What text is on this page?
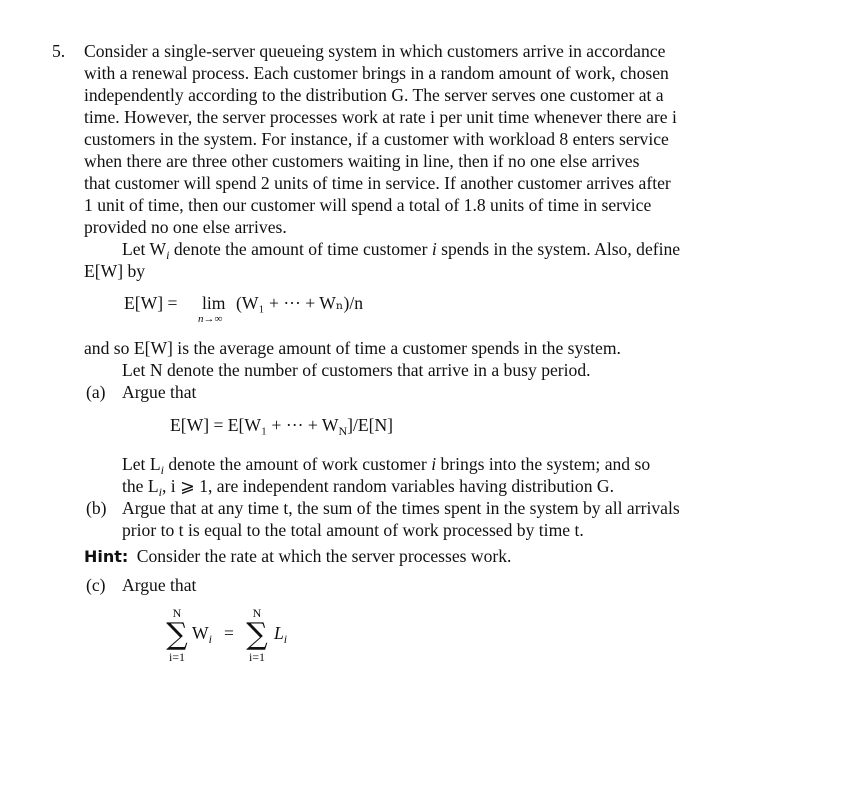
5. Consider a single-server queueing system in which customers arrive in accordance
with a renewal process. Each customer brings in a random amount of work, chosen
independently according to the distribution G. The server serves one customer at a
time. However, the server processes work at rate i per unit time whenever there are i
customers in the system. For instance, if a customer with workload 8 enters service
when there are three other customers waiting in line, then if no one else arrives
that customer will spend 2 units of time in service. If another customer arrives after
1 unit of time, then our customer will spend a total of 1.8 units of time in service
provided no one else arrives.
Let $W_i$ denote the amount of time customer i spends in the system. Also, define
E[W] by
E[W] = lim
n→∞
(W₁ + ··· + Wₙ)/n
and so E[W] is the average amount of time a customer spends in the system.
Let N denote the number of customers that arrive in a busy period.
(a) Argue that
E[W] = E[W₁ + ··· + $W_N]/E[N]$
Let $L_i$ denote the amount of work customer i brings into the system; and so
the $L_i$, i ⩾ 1, are independent random variables having distribution G.
(b) Argue that at any time t, the sum of the times spent in the system by all arrivals
prior to t is equal to the total amount of work processed by time t.
Hint: Consider the rate at which the server processes work.
(c) Argue that
N
∑
i=1
$W_i$ =
N
∑
i=1
$L_i$
